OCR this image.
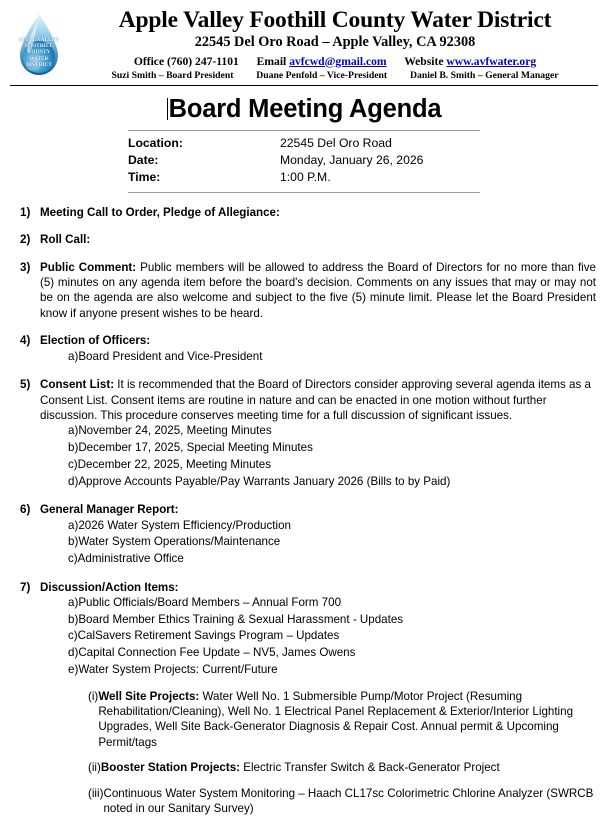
APPLE VALLEY
FOOTHILL
COUNTY
WATER
DISTRICT
Apple Valley Foothill County Water District
22545 Del Oro Road – Apple Valley, CA 92308
Office (760) 247-1101 Email avfcwd@gmail.com Website www.avfwater.org
Suzi Smith – Board President Duane Penfold – Vice-President Daniel B. Smith – General Manager
Board Meeting Agenda
Location:	22545 Del Oro Road
Date:	Monday, January 26, 2026
Time:	1:00 P.M.
1) Meeting Call to Order, Pledge of Allegiance:
2) Roll Call:
3) Public Comment: Public members will be allowed to address the Board of Directors for no more than five (5) minutes on any agenda item before the board's decision. Comments on any issues that may or may not be on the agenda are also welcome and subject to the five (5) minute limit. Please let the Board President know if anyone present wishes to be heard.
4) Election of Officers:
a) Board President and Vice-President
5) Consent List: It is recommended that the Board of Directors consider approving several agenda items as a Consent List. Consent items are routine in nature and can be enacted in one motion without further discussion. This procedure conserves meeting time for a full discussion of significant issues.
a) November 24, 2025, Meeting Minutes
b) December 17, 2025, Special Meeting Minutes
c) December 22, 2025, Meeting Minutes
d) Approve Accounts Payable/Pay Warrants January 2026 (Bills to by Paid)
6) General Manager Report:
a) 2026 Water System Efficiency/Production
b) Water System Operations/Maintenance
c) Administrative Office
7) Discussion/Action Items:
a) Public Officials/Board Members – Annual Form 700
b) Board Member Ethics Training & Sexual Harassment - Updates
c) CalSavers Retirement Savings Program – Updates
d) Capital Connection Fee Update – NV5, James Owens
e) Water System Projects: Current/Future
(i) Well Site Projects: Water Well No. 1 Submersible Pump/Motor Project (Resuming Rehabilitation/Cleaning), Well No. 1 Electrical Panel Replacement & Exterior/Interior Lighting Upgrades, Well Site Back-Generator Diagnosis & Repair Cost. Annual permit & Upcoming Permit/tags
(ii) Booster Station Projects: Electric Transfer Switch & Back-Generator Project
(iii) Continuous Water System Monitoring – Haach CL17sc Colorimetric Chlorine Analyzer (SWRCB noted in our Sanitary Survey)
